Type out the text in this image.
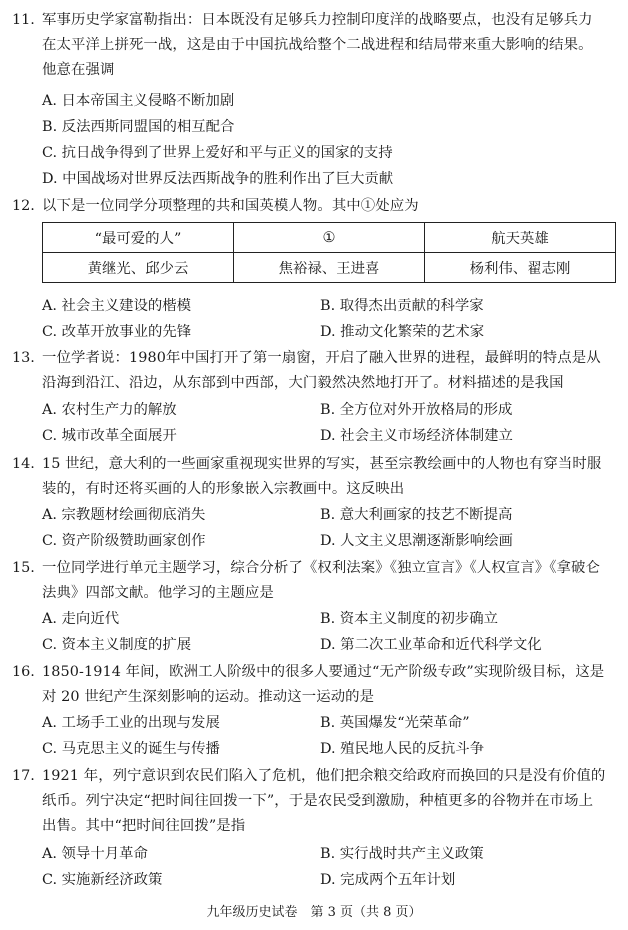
11. 军事历史学家富勒指出：日本既没有足够兵力控制印度洋的战略要点，也没有足够兵力
在太平洋上拼死一战，这是由于中国抗战给整个二战进程和结局带来重大影响的结果。
他意在强调
A. 日本帝国主义侵略不断加剧
B. 反法西斯同盟国的相互配合
C. 抗日战争得到了世界上爱好和平与正义的国家的支持
D. 中国战场对世界反法西斯战争的胜利作出了巨大贡献
12. 以下是一位同学分项整理的共和国英模人物。其中①处应为
“最可爱的人”	①	航天英雄
黄继光、邱少云	焦裕禄、王进喜	杨利伟、翟志刚
A. 社会主义建设的楷模	B. 取得杰出贡献的科学家
C. 改革开放事业的先锋	D. 推动文化繁荣的艺术家
13. 一位学者说：1980年中国打开了第一扇窗，开启了融入世界的进程，最鲜明的特点是从
沿海到沿江、沿边，从东部到中西部，大门毅然决然地打开了。材料描述的是我国
A. 农村生产力的解放	B. 全方位对外开放格局的形成
C. 城市改革全面展开	D. 社会主义市场经济体制建立
14. 15 世纪，意大利的一些画家重视现实世界的写实，甚至宗教绘画中的人物也有穿当时服
装的，有时还将买画的人的形象嵌入宗教画中。这反映出
A. 宗教题材绘画彻底消失	B. 意大利画家的技艺不断提高
C. 资产阶级赞助画家创作	D. 人文主义思潮逐渐影响绘画
15. 一位同学进行单元主题学习，综合分析了《权利法案》《独立宣言》《人权宣言》《拿破仑
法典》四部文献。他学习的主题应是
A. 走向近代	B. 资本主义制度的初步确立
C. 资本主义制度的扩展	D. 第二次工业革命和近代科学文化
16. 1850-1914 年间，欧洲工人阶级中的很多人要通过“无产阶级专政”实现阶级目标，这是
对 20 世纪产生深刻影响的运动。推动这一运动的是
A. 工场手工业的出现与发展	B. 英国爆发“光荣革命”
C. 马克思主义的诞生与传播	D. 殖民地人民的反抗斗争
17. 1921 年，列宁意识到农民们陷入了危机，他们把余粮交给政府而换回的只是没有价值的
纸币。列宁决定“把时间往回拨一下”，于是农民受到激励，种植更多的谷物并在市场上
出售。其中“把时间往回拨”是指
A. 领导十月革命	B. 实行战时共产主义政策
C. 实施新经济政策	D. 完成两个五年计划
九年级历史试卷　第 3 页（共 8 页）
